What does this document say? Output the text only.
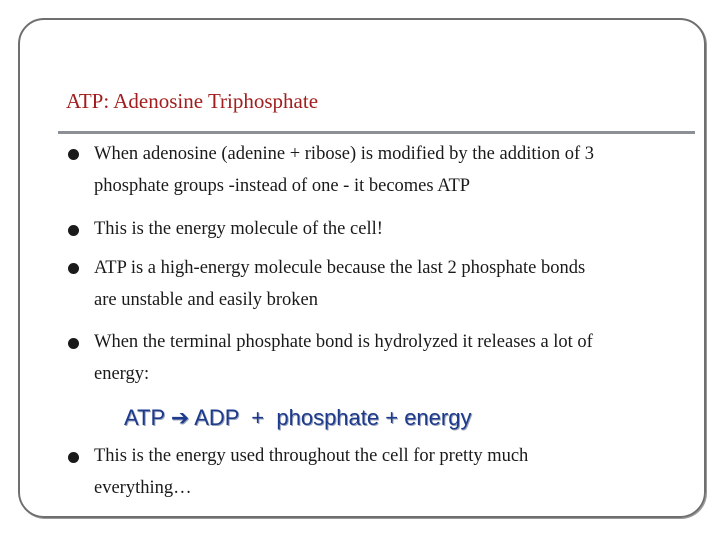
ATP: Adenosine Triphosphate

When adenosine (adenine + ribose) is modified by the addition of 3

phosphate groups -instead of one - it becomes ATP

This is the energy molecule of the cell!

ATP is a high-energy molecule because the last 2 phosphate bonds

are unstable and easily broken

When the terminal phosphate bond is hydrolyzed it releases a lot of

energy:

ATP ➔ ADP  +  phosphate + energy

This is the energy used throughout the cell for pretty much

everything…
